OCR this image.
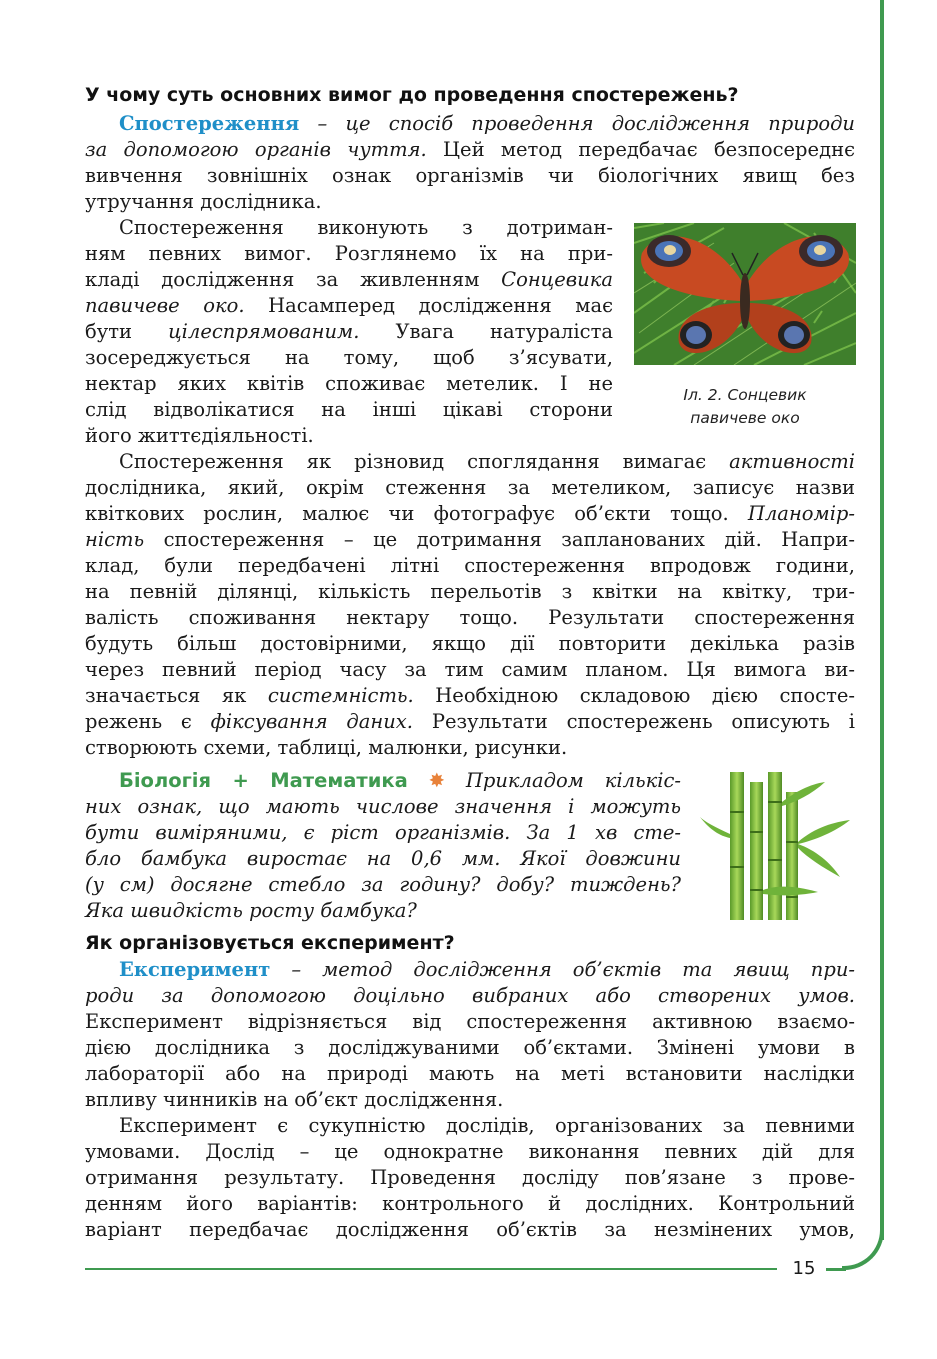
15
У чому суть основних вимог до проведення спостережень?
Спостереження – це спосіб проведення дослідження природи
за допомогою органів чуття. Цей метод передбачає безпосереднє
вивчення зовнішніх ознак організмів чи біологічних явищ без
утручання дослідника.
Спостереження виконують з дотриман-
ням певних вимог. Розглянемо їх на при-
кладі дослідження за живленням Сонцевика
павичеве око. Насамперед дослідження має
бути цілеспрямованим. Увага натураліста
зосереджується на тому, щоб з’ясувати,
нектар яких квітів споживає метелик. І не
слід відволікатися на інші цікаві сторони
його життєдіяльності.
Іл. 2. Сонцевик
павичеве око
Спостереження як різновид споглядання вимагає активності
дослідника, який, окрім стеження за метеликом, записує назви
квіткових рослин, малює чи фотографує об’єкти тощо. Планомір-
ність спостереження – це дотримання запланованих дій. Напри-
клад, були передбачені літні спостереження впродовж години,
на певній ділянці, кількість перельотів з квітки на квітку, три-
валість споживання нектару тощо. Результати спостереження
будуть більш достовірними, якщо дії повторити декілька разів
через певний період часу за тим самим планом. Ця вимога ви-
значається як системність. Необхідною складовою дією спосте-
режень є фіксування даних. Результати спостережень описують і
створюють схеми, таблиці, малюнки, рисунки.
Біологія + Математика ✸ Прикладом кількіс-
них ознак, що мають числове значення і можуть
бути виміряними, є ріст організмів. За 1 хв сте-
бло бамбука виростає на 0,6 мм. Якої довжини
(у см) досягне стебло за годину? добу? тиждень?
Яка швидкість росту бамбука?
Як організовується експеримент?
Експеримент – метод дослідження об’єктів та явищ при-
роди за допомогою доцільно вибраних або створених умов.
Експеримент відрізняється від спостереження активною взаємо-
дією дослідника з досліджуваними об’єктами. Змінені умови в
лабораторії або на природі мають на меті встановити наслідки
впливу чинників на об’єкт дослідження.
Експеримент є сукупністю дослідів, організованих за певними
умовами. Дослід – це однократне виконання певних дій для
отримання результату. Проведення досліду пов’язане з прове-
денням його варіантів: контрольного й дослідних. Контрольний
варіант передбачає дослідження об’єктів за незмінених умов,
